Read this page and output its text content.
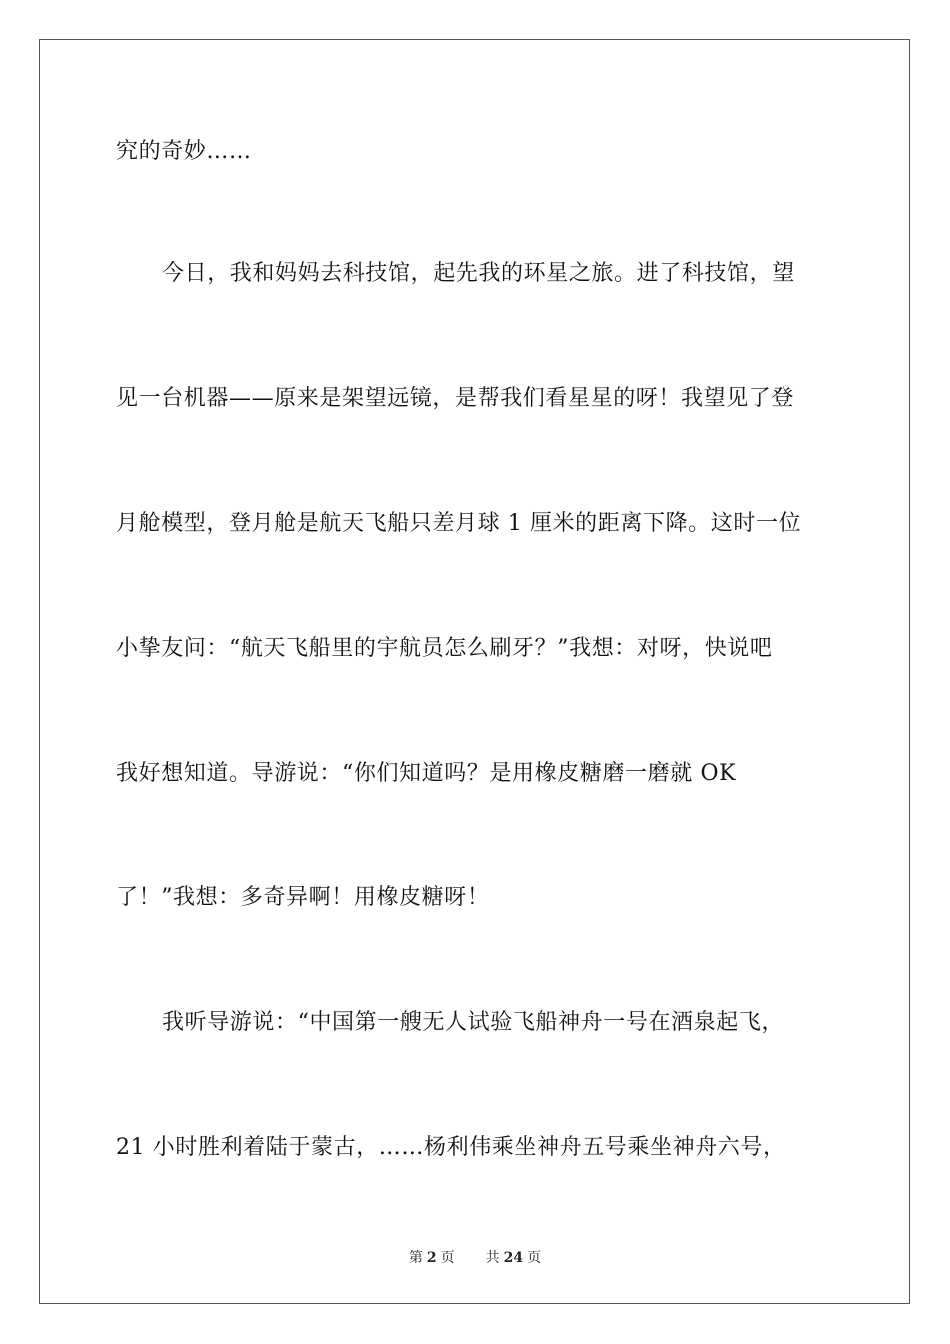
究的奇妙……
今日，我和妈妈去科技馆，起先我的环星之旅。进了科技馆，望
见一台机器——原来是架望远镜，是帮我们看星星的呀！我望见了登
月舱模型，登月舱是航天飞船只差月球 1 厘米的距离下降。这时一位
小挚友问：“航天飞船里的宇航员怎么刷牙？”我想：对呀，快说吧
我好想知道。导游说：“你们知道吗？是用橡皮糖磨一磨就 OK
了！”我想：多奇异啊！用橡皮糖呀！
我听导游说：“中国第一艘无人试验飞船神舟一号在酒泉起飞，
21 小时胜利着陆于蒙古，……杨利伟乘坐神舟五号乘坐神舟六号，
第 2 页 共 24 页
